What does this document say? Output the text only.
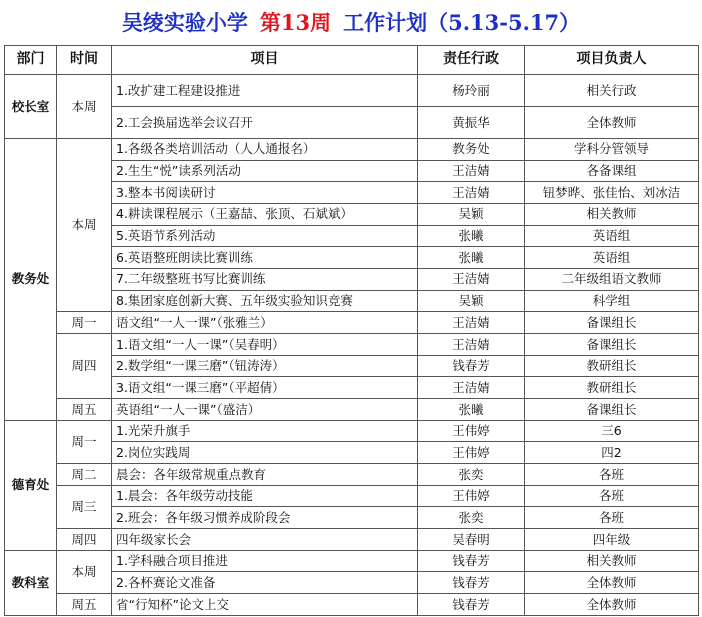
吴绫实验小学 第13周 工作计划（5.13-5.17）
部门	时间	项目	责任行政	项目负责人
校长室	本周	1.改扩建工程建设推进	杨玲丽	相关行政
		2.工会换届选举会议召开	黄振华	全体教师
教务处	本周	1.各级各类培训活动（人人通报名）	教务处	学科分管领导
		2.生生“悦”读系列活动	王洁婧	各备课组
		3.整本书阅读研讨	王洁婧	钮梦晔、张佳怡、刘冰洁
		4.耕读课程展示（王嘉喆、张顶、石斌斌）	吴颖	相关教师
		5.英语节系列活动	张曦	英语组
		6.英语整班朗读比赛训练	张曦	英语组
		7.二年级整班书写比赛训练	王洁婧	二年级组语文教师
		8.集团家庭创新大赛、五年级实验知识竞赛	吴颖	科学组
	周一	语文组“一人一课”（张雅兰）	王洁婧	备课组长
	周四	1.语文组“一人一课”（吴春明）	王洁婧	备课组长
		2.数学组“一课三磨”（钮涛涛）	钱春芳	教研组长
		3.语文组“一课三磨”（平超倩）	王洁婧	教研组长
	周五	英语组“一人一课”（盛洁）	张曦	备课组长
德育处	周一	1.光荣升旗手	王伟婷	三6
		2.岗位实践周	王伟婷	四2
	周二	晨会：各年级常规重点教育	张奕	各班
	周三	1.晨会：各年级劳动技能	王伟婷	各班
		2.班会：各年级习惯养成阶段会	张奕	各班
	周四	四年级家长会	吴春明	四年级
教科室	本周	1.学科融合项目推进	钱春芳	相关教师
		2.各杯赛论文准备	钱春芳	全体教师
	周五	省“行知杯”论文上交	钱春芳	全体教师
